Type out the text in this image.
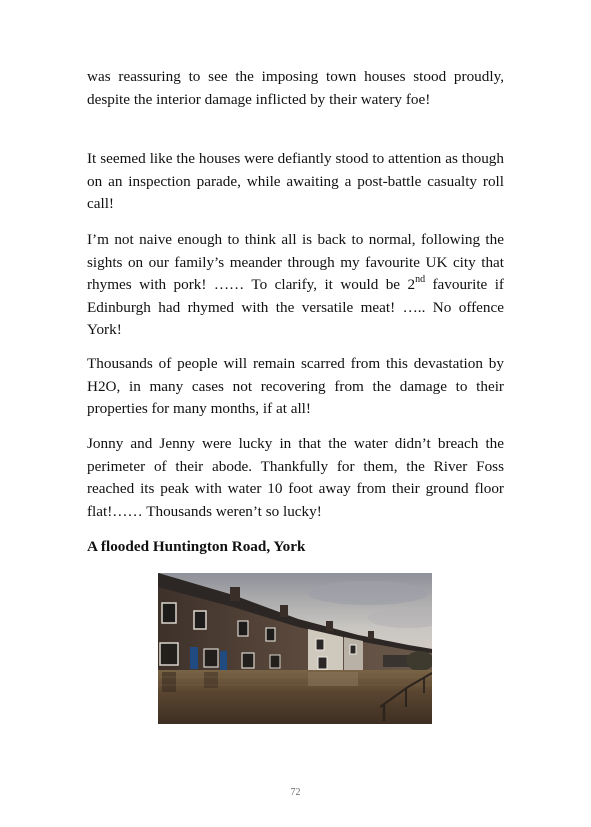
was reassuring to see the imposing town houses stood proudly, despite the interior damage inflicted by their watery foe!

It seemed like the houses were defiantly stood to attention as though on an inspection parade, while awaiting a post-battle casualty roll call!

I’m not naive enough to think all is back to normal, following the sights on our family’s meander through my favourite UK city that rhymes with pork! …… To clarify, it would be 2nd favourite if Edinburgh had rhymed with the versatile meat! ….. No offence York!

Thousands of people will remain scarred from this devastation by H2O, in many cases not recovering from the damage to their properties for many months, if at all!

Jonny and Jenny were lucky in that the water didn’t breach the perimeter of their abode. Thankfully for them, the River Foss reached its peak with water 10 foot away from their ground floor flat!…… Thousands weren’t so lucky!

A flooded Huntington Road, York

72
